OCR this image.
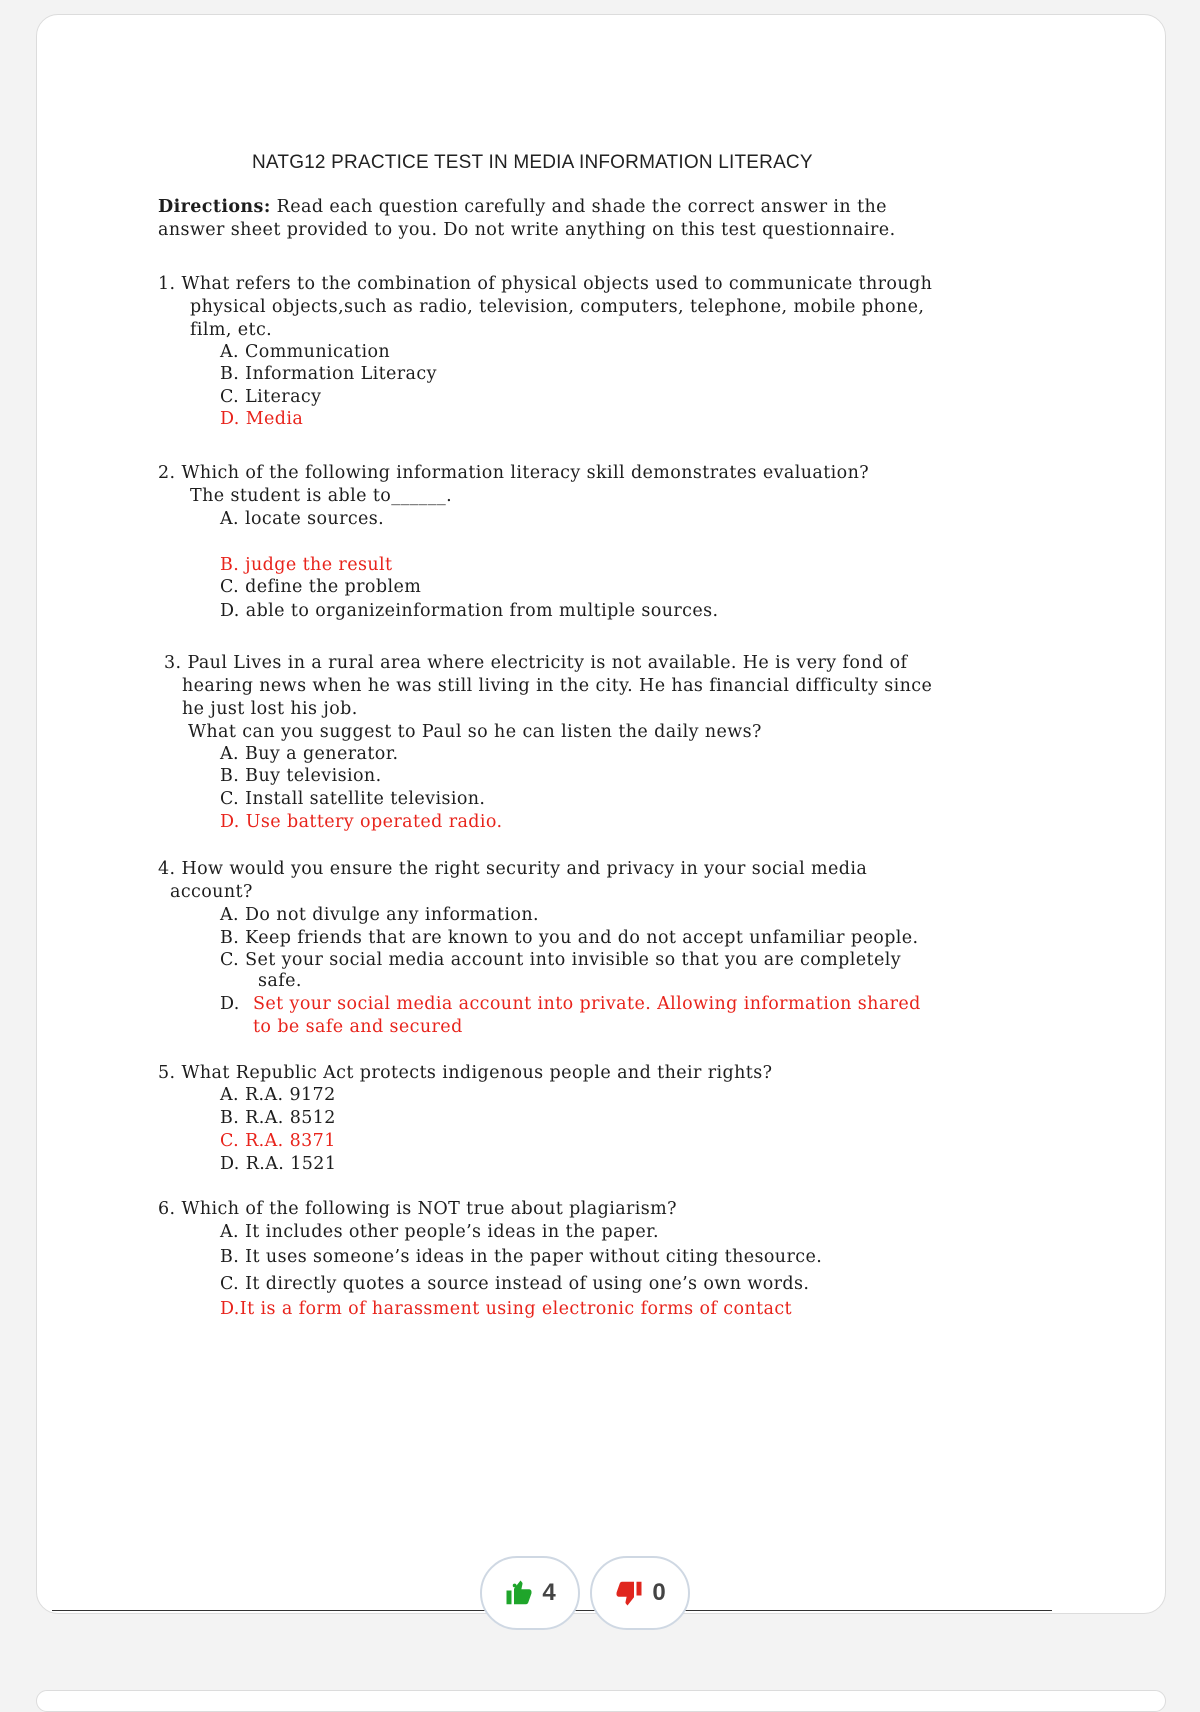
NATG12 PRACTICE TEST IN MEDIA INFORMATION LITERACY
Directions: Read each question carefully and shade the correct answer in the
answer sheet provided to you. Do not write anything on this test questionnaire.
1. What refers to the combination of physical objects used to communicate through
physical objects,such as radio, television, computers, telephone, mobile phone,
film, etc.
A. Communication
B. Information Literacy
C. Literacy
D. Media
2. Which of the following information literacy skill demonstrates evaluation?
The student is able to______.
A. locate sources.
B. judge the result
C. define the problem
D. able to organizeinformation from multiple sources.
3. Paul Lives in a rural area where electricity is not available. He is very fond of
hearing news when he was still living in the city. He has financial difficulty since
he just lost his job.
What can you suggest to Paul so he can listen the daily news?
A. Buy a generator.
B. Buy television.
C. Install satellite television.
D. Use battery operated radio.
4. How would you ensure the right security and privacy in your social media
account?
A. Do not divulge any information.
B. Keep friends that are known to you and do not accept unfamiliar people.
C. Set your social media account into invisible so that you are completely
safe.
D. Set your social media account into private. Allowing information shared
to be safe and secured
5. What Republic Act protects indigenous people and their rights?
A. R.A. 9172
B. R.A. 8512
C. R.A. 8371
D. R.A. 1521
6. Which of the following is NOT true about plagiarism?
A. It includes other people’s ideas in the paper.
B. It uses someone’s ideas in the paper without citing thesource.
C. It directly quotes a source instead of using one’s own words.
D.It is a form of harassment using electronic forms of contact
4	0
